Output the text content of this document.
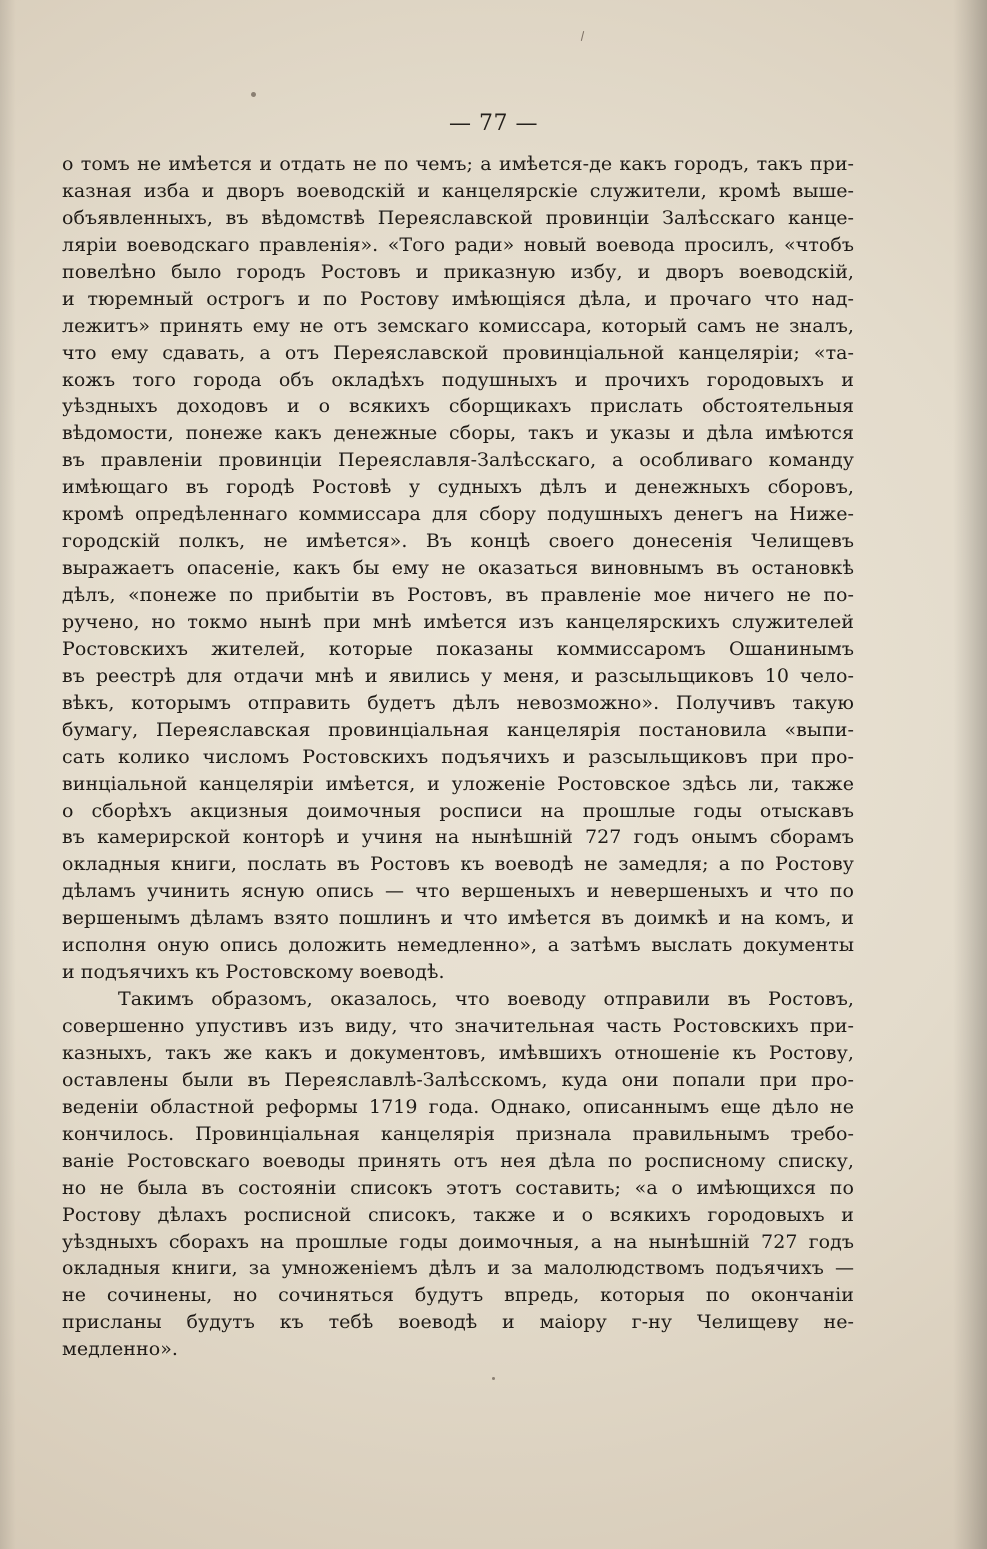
— 77 —
о томъ не имѣется и отдать не по чемъ; а имѣется-де какъ городъ, такъ при-
казная изба и дворъ воеводскій и канцелярскіе служители, кромѣ выше-
объявленныхъ, въ вѣдомствѣ Переяславской провинціи Залѣсскаго канце-
ляріи воеводскаго правленія». «Того ради» новый воевода просилъ, «чтобъ
повелѣно было городъ Ростовъ и приказную избу, и дворъ воеводскій,
и тюремный острогъ и по Ростову имѣющіяся дѣла, и прочаго что над-
лежитъ» принять ему не отъ земскаго комиссара, который самъ не зналъ,
что ему сдавать, а отъ Переяславской провинціальной канцеляріи; «та-
кожъ того города объ окладѣхъ подушныхъ и прочихъ городовыхъ и
уѣздныхъ доходовъ и о всякихъ сборщикахъ прислать обстоятельныя
вѣдомости, понеже какъ денежные сборы, такъ и указы и дѣла имѣются
въ правленіи провинціи Переяславля-Залѣсскаго, а особливаго команду
имѣющаго въ городѣ Ростовѣ у судныхъ дѣлъ и денежныхъ сборовъ,
кромѣ опредѣленнаго коммиссара для сбору подушныхъ денегъ на Ниже-
городскій полкъ, не имѣется». Въ концѣ своего донесенія Челищевъ
выражаетъ опасеніе, какъ бы ему не оказаться виновнымъ въ остановкѣ
дѣлъ, «понеже по прибытіи въ Ростовъ, въ правленіе мое ничего не по-
ручено, но токмо нынѣ при мнѣ имѣется изъ канцелярскихъ служителей
Ростовскихъ жителей, которые показаны коммиссаромъ Ошанинымъ
въ реестрѣ для отдачи мнѣ и явились у меня, и разсыльщиковъ 10 чело-
вѣкъ, которымъ отправить будетъ дѣлъ невозможно». Получивъ такую
бумагу, Переяславская провинціальная канцелярія постановила «выпи-
сать колико числомъ Ростовскихъ подъячихъ и разсыльщиковъ при про-
винціальной канцеляріи имѣется, и уложеніе Ростовское здѣсь ли, также
о сборѣхъ акцизныя доимочныя росписи на прошлые годы отыскавъ
въ камерирской конторѣ и учиня на нынѣшній 727 годъ онымъ сборамъ
окладныя книги, послать въ Ростовъ къ воеводѣ не замедля; а по Ростову
дѣламъ учинить ясную опись — что вершеныхъ и невершеныхъ и что по
вершенымъ дѣламъ взято пошлинъ и что имѣется въ доимкѣ и на комъ, и
исполня оную опись доложить немедленно», а затѣмъ выслать документы
и подъячихъ къ Ростовскому воеводѣ.
Такимъ образомъ, оказалось, что воеводу отправили въ Ростовъ,
совершенно упустивъ изъ виду, что значительная часть Ростовскихъ при-
казныхъ, такъ же какъ и документовъ, имѣвшихъ отношеніе къ Ростову,
оставлены были въ Переяславлѣ-Залѣсскомъ, куда они попали при про-
веденіи областной реформы 1719 года. Однако, описаннымъ еще дѣло не
кончилось. Провинціальная канцелярія признала правильнымъ требо-
ваніе Ростовскаго воеводы принять отъ нея дѣла по росписному списку,
но не была въ состояніи списокъ этотъ составить; «а о имѣющихся по
Ростову дѣлахъ росписной списокъ, также и о всякихъ городовыхъ и
уѣздныхъ сборахъ на прошлые годы доимочныя, а на нынѣшній 727 годъ
окладныя книги, за умноженіемъ дѣлъ и за малолюдствомъ подъячихъ —
не сочинены, но сочиняться будутъ впредь, которыя по окончаніи
присланы будутъ къ тебѣ воеводѣ и маіору г-ну Челищеву не-
медленно».
